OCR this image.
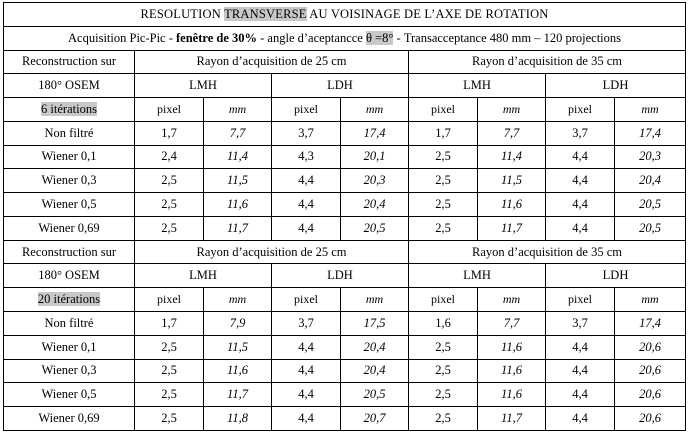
RESOLUTION TRANSVERSE AU VOISINAGE DE L’AXE DE ROTATION								
Acquisition Pic-Pic - fenêtre de 30% - angle d’aceptancce θ =8° - Transacceptance 480 mm – 120 projections								
Reconstruction sur	Rayon d’acquisition de 25 cm				Rayon d’acquisition de 35 cm			
180° OSEM	LMH		LDH		LMH		LDH	
6 itérations	pixel	mm	pixel	mm	pixel	mm	pixel	mm
Non filtré	1,7	7,7	3,7	17,4	1,7	7,7	3,7	17,4
Wiener 0,1	2,4	11,4	4,3	20,1	2,5	11,4	4,4	20,3
Wiener 0,3	2,5	11,5	4,4	20,3	2,5	11,5	4,4	20,4
Wiener 0,5	2,5	11,6	4,4	20,4	2,5	11,6	4,4	20,5
Wiener 0,69	2,5	11,7	4,4	20,5	2,5	11,7	4,4	20,5
Reconstruction sur	Rayon d’acquisition de 25 cm				Rayon d’acquisition de 35 cm			
180° OSEM	LMH		LDH		LMH		LDH	
20 itérations	pixel	mm	pixel	mm	pixel	mm	pixel	mm
Non filtré	1,7	7,9	3,7	17,5	1,6	7,7	3,7	17,4
Wiener 0,1	2,5	11,5	4,4	20,4	2,5	11,6	4,4	20,6
Wiener 0,3	2,5	11,6	4,4	20,4	2,5	11,6	4,4	20,6
Wiener 0,5	2,5	11,7	4,4	20,5	2,5	11,6	4,4	20,6
Wiener 0,69	2,5	11,8	4,4	20,7	2,5	11,7	4,4	20,6
